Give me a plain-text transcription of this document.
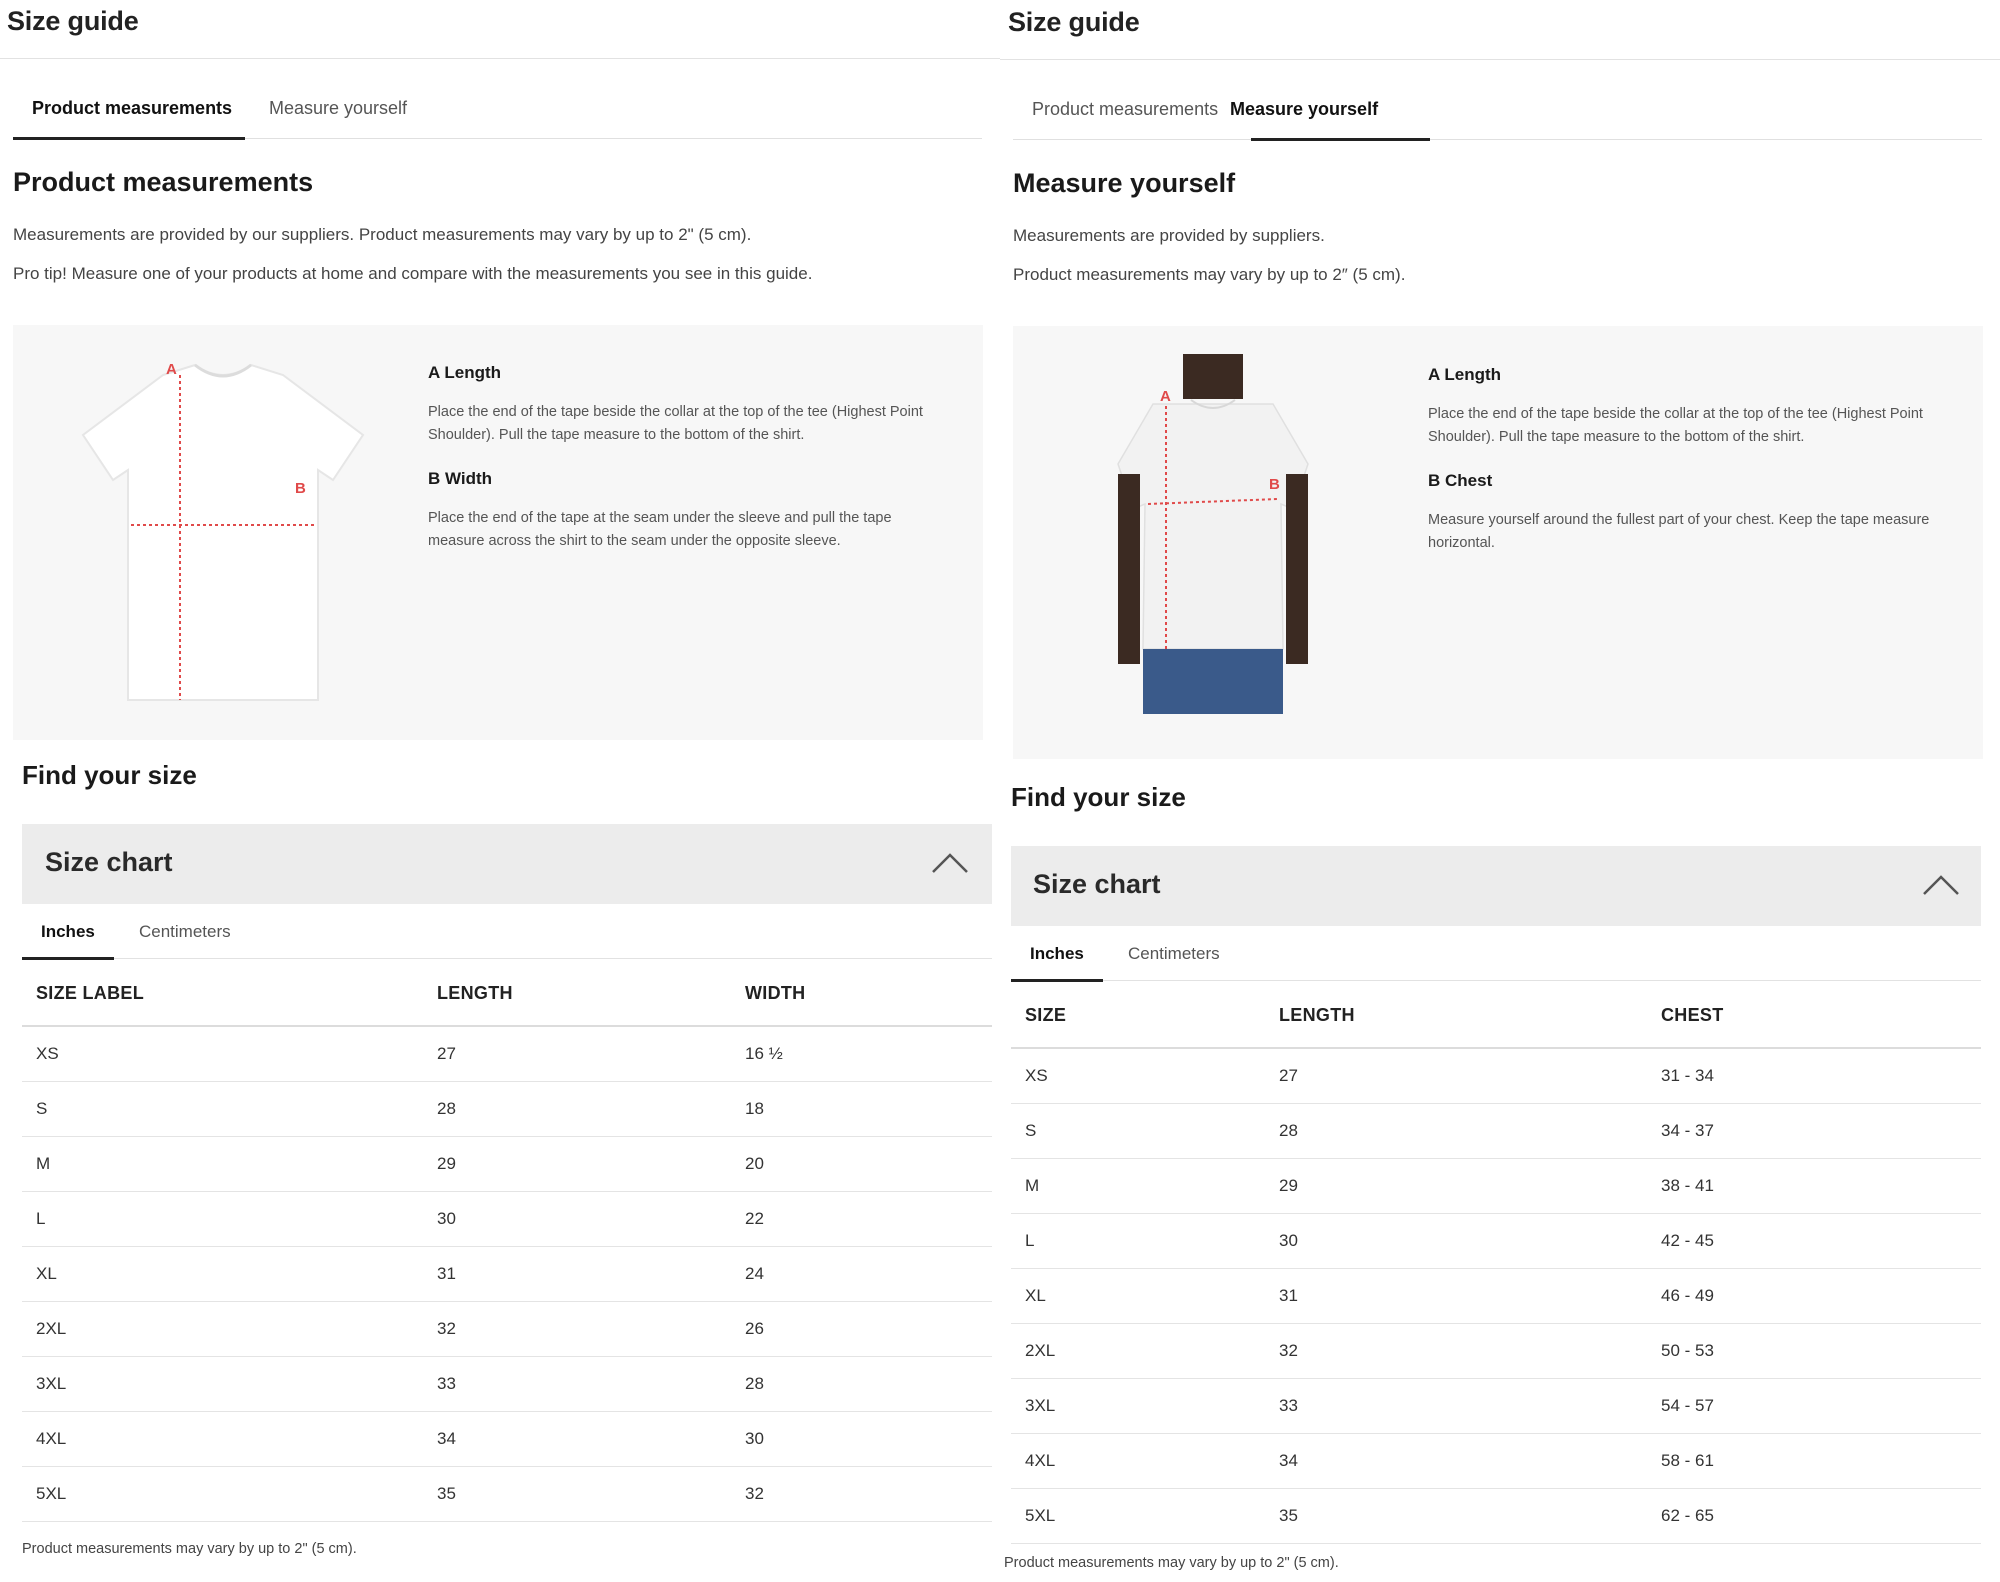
Size guide
Product measurements Measure yourself
Product measurements
Measurements are provided by our suppliers. Product measurements may vary by up to 2" (5 cm).
Pro tip! Measure one of your products at home and compare with the measurements you see in this guide.
A
B
A Length
Place the end of the tape beside the collar at the top of the tee (Highest Point Shoulder). Pull the tape measure to the bottom of the shirt.
B Width
Place the end of the tape at the seam under the sleeve and pull the tape measure across the shirt to the seam under the opposite sleeve.
Find your size
Size chart
Inches	Centimeters
SIZE LABEL	LENGTH	WIDTH
XS	27	16 ½
S	28	18
M	29	20
L	30	22
XL	31	24
2XL	32	26
3XL	33	28
4XL	34	30
5XL	35	32
Product measurements may vary by up to 2" (5 cm).
Size guide
Product measurements Measure yourself
Measure yourself
Measurements are provided by suppliers.
Product measurements may vary by up to 2″ (5 cm).
A
B
A Length
Place the end of the tape beside the collar at the top of the tee (Highest Point Shoulder). Pull the tape measure to the bottom of the shirt.
B Chest
Measure yourself around the fullest part of your chest. Keep the tape measure horizontal.
Find your size
Size chart
Inches	Centimeters
SIZE	LENGTH	CHEST
XS	27	31 - 34
S	28	34 - 37
M	29	38 - 41
L	30	42 - 45
XL	31	46 - 49
2XL	32	50 - 53
3XL	33	54 - 57
4XL	34	58 - 61
5XL	35	62 - 65
Product measurements may vary by up to 2" (5 cm).
